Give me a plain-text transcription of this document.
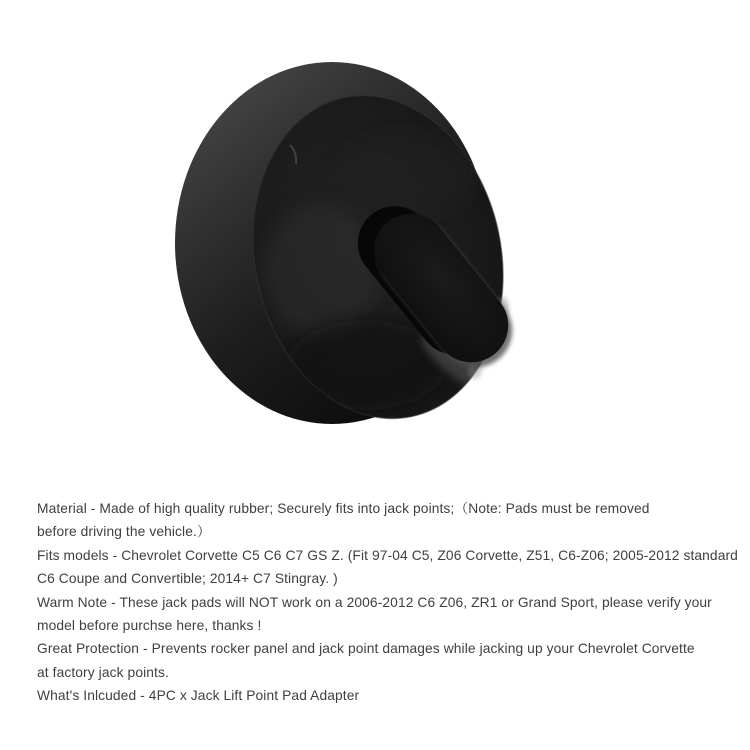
Material - Made of high quality rubber; Securely fits into jack points;（Note: Pads must be removed
before driving the vehicle.）
Fits models - Chevrolet Corvette C5 C6 C7 GS Z. (Fit 97-04 C5, Z06 Corvette, Z51, C6-Z06; 2005-2012 standard
C6 Coupe and Convertible; 2014+ C7 Stingray. )
Warm Note - These jack pads will NOT work on a 2006-2012 C6 Z06, ZR1 or Grand Sport, please verify your
model before purchse here, thanks !
Great Protection - Prevents rocker panel and jack point damages while jacking up your Chevrolet Corvette
at factory jack points.
What's Inlcuded - 4PC x Jack Lift Point Pad Adapter
